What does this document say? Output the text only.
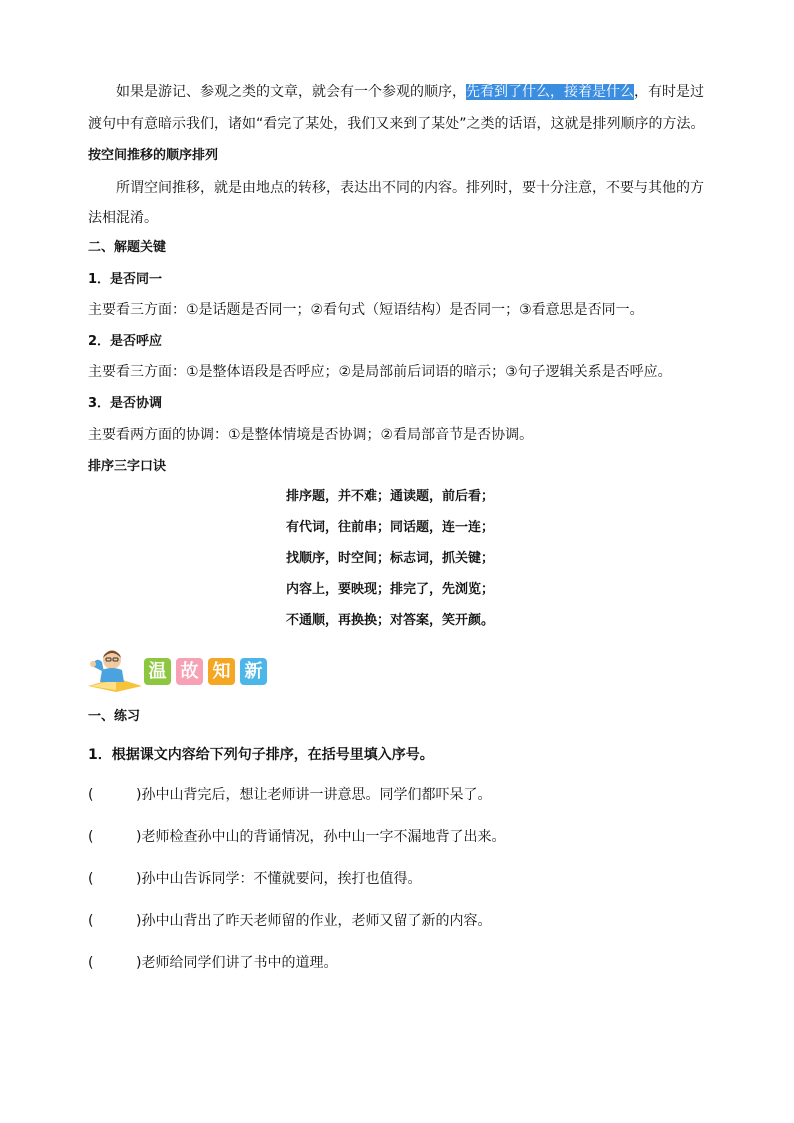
如果是游记、参观之类的文章，就会有一个参观的顺序，先看到了什么，接着是什么，有时是过
渡句中有意暗示我们，诸如“看完了某处，我们又来到了某处”之类的话语，这就是排列顺序的方法。
按空间推移的顺序排列
所谓空间推移，就是由地点的转移，表达出不同的内容。排列时，要十分注意，不要与其他的方
法相混淆。
二、解题关键
1．是否同一
主要看三方面：①是话题是否同一；②看句式（短语结构）是否同一；③看意思是否同一。
2．是否呼应
主要看三方面：①是整体语段是否呼应；②是局部前后词语的暗示；③句子逻辑关系是否呼应。
3．是否协调
主要看两方面的协调：①是整体情境是否协调；②看局部音节是否协调。
排序三字口诀
排序题，并不难；通读题，前后看；
有代词，往前串；同话题，连一连；
找顺序，时空间；标志词，抓关键；
内容上，要映现；排完了，先浏览；
不通顺，再换换；对答案，笑开颜。
温 故 知 新
一、练习
1．根据课文内容给下列句子排序，在括号里填入序号。
(	)孙中山背完后，想让老师讲一讲意思。同学们都吓呆了。
(	)老师检查孙中山的背诵情况，孙中山一字不漏地背了出来。
(	)孙中山告诉同学：不懂就要问，挨打也值得。
(	)孙中山背出了昨天老师留的作业，老师又留了新的内容。
(	)老师给同学们讲了书中的道理。
